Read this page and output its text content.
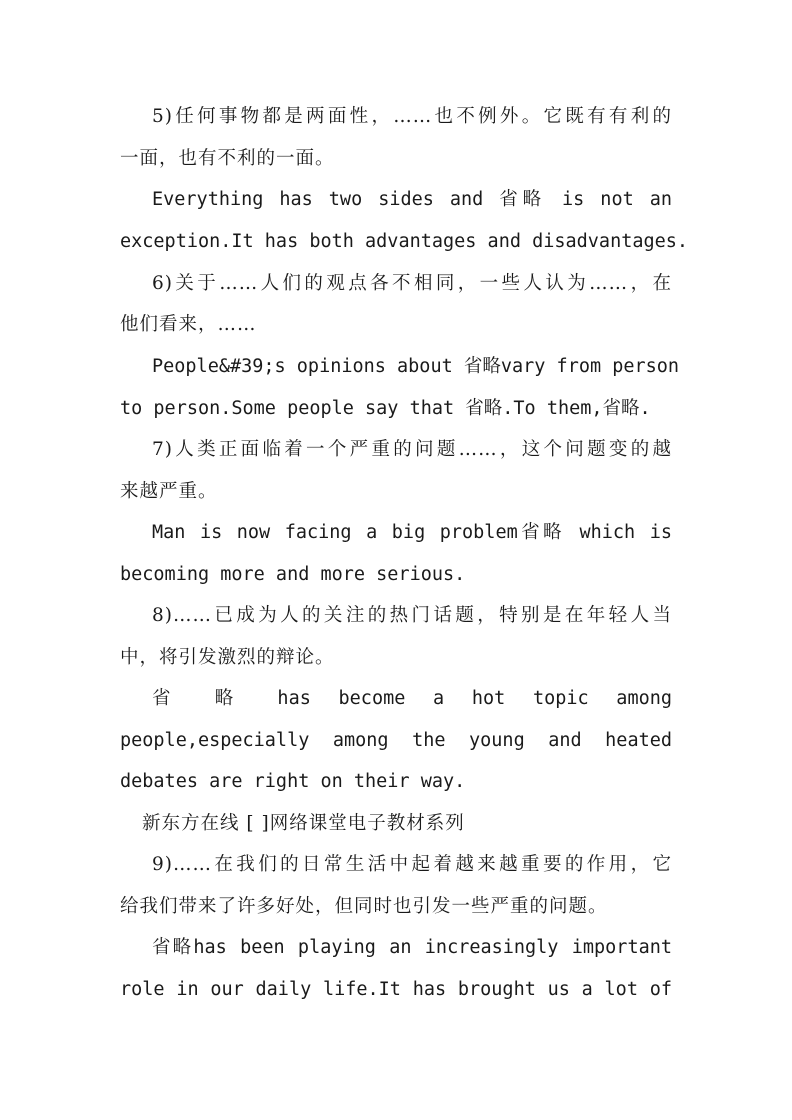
5)任何事物都是两面性，……也不例外。它既有有利的
一面，也有不利的一面。
Everything has two sides and 省略 is not an
exception.It has both advantages and disadvantages.
6)关于……人们的观点各不相同，一些人认为……，在
他们看来，……
People&#39;s opinions about 省略vary from person
to person.Some people say that 省略.To them,省略.
7)人类正面临着一个严重的问题……，这个问题变的越
来越严重。
Man is now facing a big problem省略 which is
becoming more and more serious.
8)……已成为人的关注的热门话题，特别是在年轻人当
中，将引发激烈的辩论。
省 略 has become a hot topic among
people,especially among the young and heated
debates are right on their way.
新东方在线 [ ]网络课堂电子教材系列
9)……在我们的日常生活中起着越来越重要的作用，它
给我们带来了许多好处，但同时也引发一些严重的问题。
省略has been playing an increasingly important
role in our daily life.It has brought us a lot of
